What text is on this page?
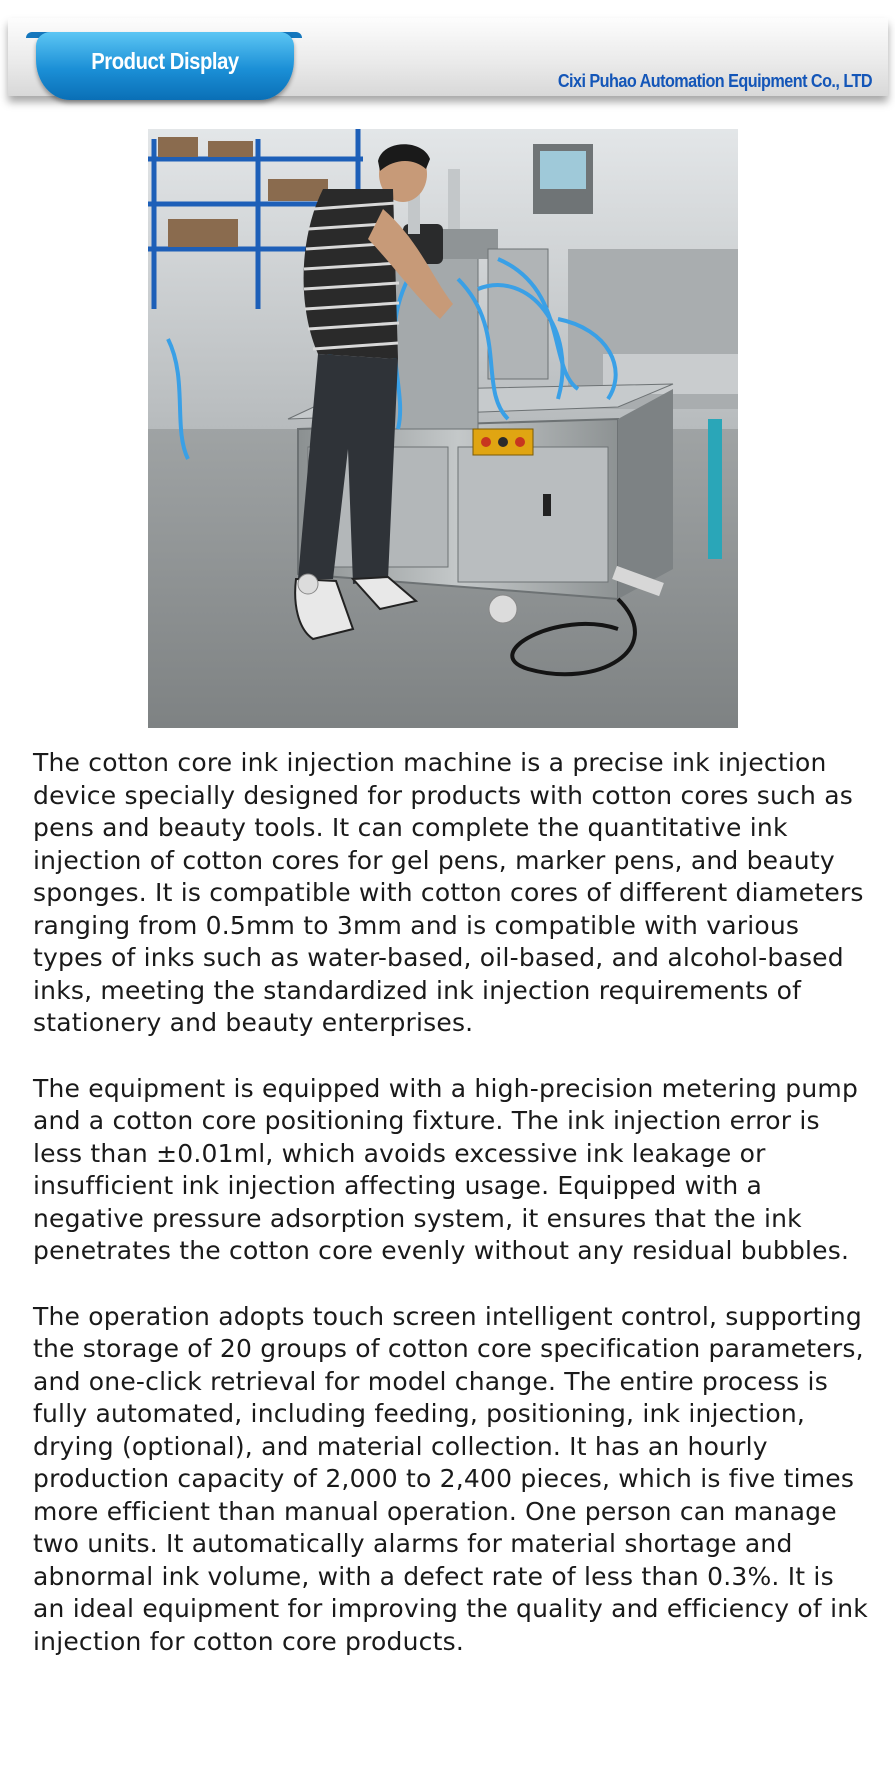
Product Display
Cixi Puhao Automation Equipment Co., LTD

The cotton core ink injection machine is a precise ink injection device specially designed for products with cotton cores such as pens and beauty tools. It can complete the quantitative ink injection of cotton cores for gel pens, marker pens, and beauty sponges. It is compatible with cotton cores of different diameters ranging from 0.5mm to 3mm and is compatible with various types of inks such as water-based, oil-based, and alcohol-based inks, meeting the standardized ink injection requirements of stationery and beauty enterprises.

The equipment is equipped with a high-precision metering pump and a cotton core positioning fixture. The ink injection error is less than ±0.01ml, which avoids excessive ink leakage or insufficient ink injection affecting usage. Equipped with a negative pressure adsorption system, it ensures that the ink penetrates the cotton core evenly without any residual bubbles.

The operation adopts touch screen intelligent control, supporting the storage of 20 groups of cotton core specification parameters, and one-click retrieval for model change. The entire process is fully automated, including feeding, positioning, ink injection, drying (optional), and material collection. It has an hourly production capacity of 2,000 to 2,400 pieces, which is five times more efficient than manual operation. One person can manage two units. It automatically alarms for material shortage and abnormal ink volume, with a defect rate of less than 0.3%. It is an ideal equipment for improving the quality and efficiency of ink injection for cotton core products.
